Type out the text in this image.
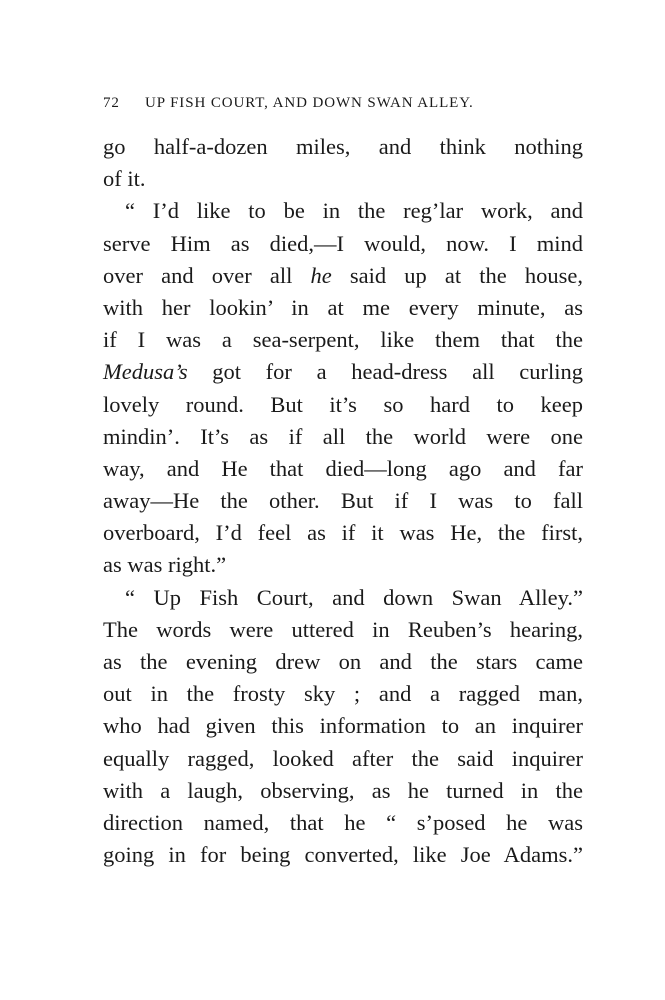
72 UP FISH COURT, AND DOWN SWAN ALLEY.
go half-a-dozen miles, and think nothing
of it.
“ I’d like to be in the reg’lar work, and
serve Him as died,—I would, now. I mind
over and over all he said up at the house,
with her lookin’ in at me every minute, as
if I was a sea-serpent, like them that the
Medusa’s got for a head-dress all curling
lovely round. But it’s so hard to keep
mindin’. It’s as if all the world were one
way, and He that died—long ago and far
away—He the other. But if I was to fall
overboard, I’d feel as if it was He, the first,
as was right.”
“ Up Fish Court, and down Swan Alley.”
The words were uttered in Reuben’s hearing,
as the evening drew on and the stars came
out in the frosty sky ; and a ragged man,
who had given this information to an inquirer
equally ragged, looked after the said inquirer
with a laugh, observing, as he turned in the
direction named, that he “ s’posed he was
going in for being converted, like Joe Adams.”
